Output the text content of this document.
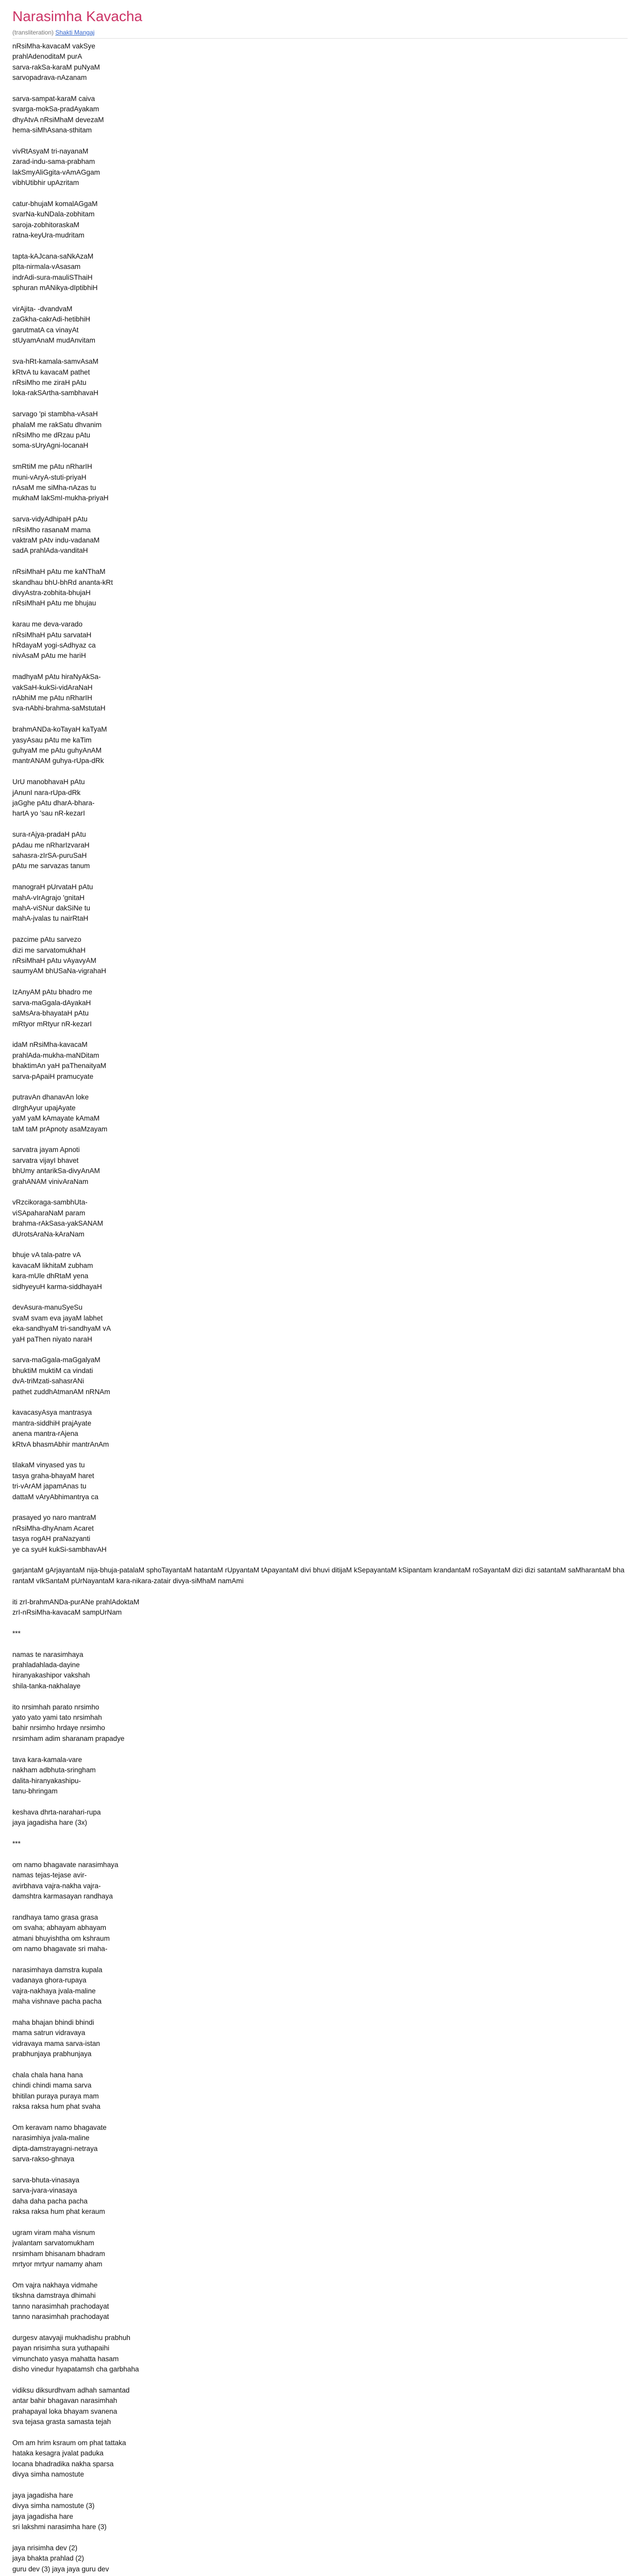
Narasimha Kavacha
(transliteration) Shakti Mangaj
nRsiMha-kavacaM vakSye
prahlAdenoditaM purA
sarva-rakSa-karaM puNyaM
sarvopadrava-nAzanam
sarva-sampat-karaM caiva
svarga-mokSa-pradAyakam
dhyAtvA nRsiMhaM devezaM
hema-siMhAsana-sthitam
vivRtAsyaM tri-nayanaM
zarad-indu-sama-prabham
lakSmyAliGgita-vAmAGgam
vibhUtibhir upAzritam
catur-bhujaM komalAGgaM
svarNa-kuNDala-zobhitam
saroja-zobhitoraskaM
ratna-keyUra-mudritam
tapta-kAJcana-saNkAzaM
pIta-nirmala-vAsasam
indrAdi-sura-mauliSThaiH
sphuran mANikya-dIptibhiH
virAjita- -dvandvaM
zaGkha-cakrAdi-hetibhiH
garutmatA ca vinayAt
stUyamAnaM mudAnvitam
sva-hRt-kamala-samvAsaM
kRtvA tu kavacaM pathet
nRsiMho me ziraH pAtu
loka-rakSArtha-sambhavaH
sarvago 'pi stambha-vAsaH
phalaM me rakSatu dhvanim
nRsiMho me dRzau pAtu
soma-sUryAgni-locanaH
smRtiM me pAtu nRharIH
muni-vAryA-stuti-priyaH
nAsaM me siMha-nAzas tu
mukhaM lakSmI-mukha-priyaH
sarva-vidyAdhipaH pAtu
nRsiMho rasanaM mama
vaktraM pAtv indu-vadanaM
sadA prahlAda-vanditaH
nRsiMhaH pAtu me kaNThaM
skandhau bhU-bhRd ananta-kRt
divyAstra-zobhita-bhujaH
nRsiMhaH pAtu me bhujau
karau me deva-varado
nRsiMhaH pAtu sarvataH
hRdayaM yogi-sAdhyaz ca
nivAsaM pAtu me hariH
madhyaM pAtu hiraNyAkSa-
vakSaH-kukSi-vidAraNaH
nAbhiM me pAtu nRharIH
sva-nAbhi-brahma-saMstutaH
brahmANDa-koTayaH kaTyaM
yasyAsau pAtu me kaTim
guhyaM me pAtu guhyAnAM
mantrANAM guhya-rUpa-dRk
UrU manobhavaH pAtu
jAnunI nara-rUpa-dRk
jaGghe pAtu dharA-bhara-
hartA yo 'sau nR-kezarI
sura-rAjya-pradaH pAtu
pAdau me nRharIzvaraH
sahasra-zIrSA-puruSaH
pAtu me sarvazas tanum
manograH pUrvataH pAtu
mahA-vIrAgrajo 'gnitaH
mahA-viSNur dakSiNe tu
mahA-jvalas tu nairRtaH
pazcime pAtu sarvezo
dizi me sarvatomukhaH
nRsiMhaH pAtu vAyavyAM
saumyAM bhUSaNa-vigrahaH
IzAnyAM pAtu bhadro me
sarva-maGgala-dAyakaH
saMsAra-bhayataH pAtu
mRtyor mRtyur nR-kezarI
idaM nRsiMha-kavacaM
prahlAda-mukha-maNDitam
bhaktimAn yaH paThenaityaM
sarva-pApaiH pramucyate
putravAn dhanavAn loke
dIrghAyur upajAyate
yaM yaM kAmayate kAmaM
taM taM prApnoty asaMzayam
sarvatra jayam Apnoti
sarvatra vijayI bhavet
bhUmy antarikSa-divyAnAM
grahANAM vinivAraNam
vRzcikoraga-sambhUta-
viSApaharaNaM param
brahma-rAkSasa-yakSANAM
dUrotsAraNa-kAraNam
bhuje vA tala-patre vA
kavacaM likhitaM zubham
kara-mUle dhRtaM yena
sidhyeyuH karma-siddhayaH
devAsura-manuSyeSu
svaM svam eva jayaM labhet
eka-sandhyaM tri-sandhyaM vA
yaH paThen niyato naraH
sarva-maGgala-maGgalyaM
bhuktiM muktiM ca vindati
dvA-triMzati-sahasrANi
pathet zuddhAtmanAM nRNAm
kavacasyAsya mantrasya
mantra-siddhiH prajAyate
anena mantra-rAjena
kRtvA bhasmAbhir mantrAnAm
tilakaM vinyased yas tu
tasya graha-bhayaM haret
tri-vArAM japamAnas tu
dattaM vAryAbhimantrya ca
prasayed yo naro mantraM
nRsiMha-dhyAnam Acaret
tasya rogAH praNazyanti
ye ca syuH kukSi-sambhavAH
garjantaM gArjayantaM nija-bhuja-patalaM sphoTayantaM hatantaM rUpyantaM tApayantaM divi bhuvi ditijaM kSepayantaM kSipantam krandantaM roSayantaM dizi dizi satantaM saMharantaM bharantaM vIkSantaM pUrNayantaM kara-nikara-zatair divya-siMhaM namAmi
iti zrI-brahmANDa-purANe prahlAdoktaM
zrI-nRsiMha-kavacaM sampUrNam
***
namas te narasimhaya
prahladahlada-dayine
hiranyakashipor vakshah
shila-tanka-nakhalaye
ito nrsimhah parato nrsimho
yato yato yami tato nrsimhah
bahir nrsimho hrdaye nrsimho
nrsimham adim sharanam prapadye
tava kara-kamala-vare
nakham adbhuta-sringham
dalita-hiranyakashipu-
tanu-bhringam
keshava dhrta-narahari-rupa
jaya jagadisha hare (3x)
***
om namo bhagavate narasimhaya
namas tejas-tejase avir-
avirbhava vajra-nakha vajra-
damshtra karmasayan randhaya
randhaya tamo grasa grasa
om svaha; abhayam abhayam
atmani bhuyishtha om kshraum
om namo bhagavate sri maha-
narasimhaya damstra kupala
vadanaya ghora-rupaya
vajra-nakhaya jvala-maline
maha vishnave pacha pacha
maha bhajan bhindi bhindi
mama satrun vidravaya
vidravaya mama sarva-istan
prabhunjaya prabhunjaya
chala chala hana hana
chindi chindi mama sarva
bhitilan puraya puraya mam
raksa raksa hum phat svaha
Om keravam namo bhagavate
narasimhiya jvala-maline
dipta-damstrayagni-netraya
sarva-raksо-ghnaya
sarva-bhuta-vinasaya
sarva-jvara-vinasaya
daha daha pacha pacha
raksa raksa hum phat keraum
ugram viram maha visnum
jvalantam sarvatomukham
nrsimham bhisanam bhadram
mrtyor mrtyur namamy aham
Om vajra nakhaya vidmahe
tikshna damstraya dhimahi
tanno narasimhah prachodayat
tanno narasimhah prachodayat
durgesv atavyaji mukhadishu prabhuh
payan nrisimha sura yuthapaihi
vimunchato yasya mahatta hasam
disho vinedur hyapatamsh cha garbhaha
vidiksu diksurdhvam adhah samantad
antar bahir bhagavan narasimhah
prahapayal loka bhayam svanena
sva tejasa grasta samasta tejah
Om am hrim ksraum om phat tattaka
hataka kesagra jvalat paduka
locana bhadradika nakha sparsa
divya simha namostute
jaya jagadisha hare
divya simha namostute (3)
jaya jagadisha hare
sri lakshmi narasimha hare (3)
jaya nrisimha dev (2)
jaya bhakta prahlad (2)
guru dev (3) jaya jaya guru dev
